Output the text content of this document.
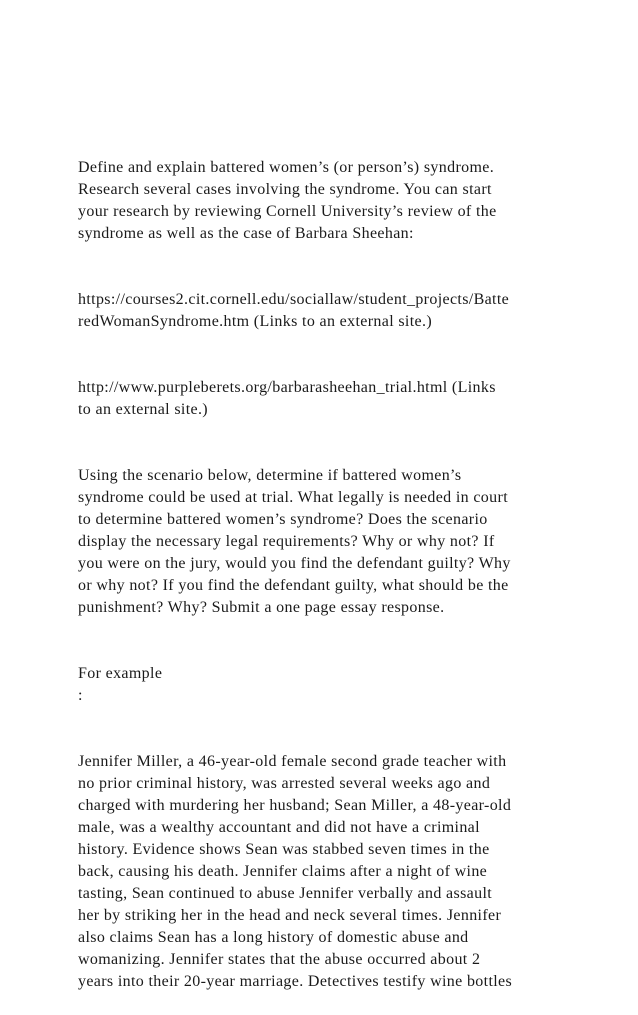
Define and explain battered women’s (or person’s) syndrome.
Research several cases involving the syndrome. You can start
your research by reviewing Cornell University’s review of the
syndrome as well as the case of Barbara Sheehan:

https://courses2.cit.cornell.edu/sociallaw/student_projects/Batte
redWomanSyndrome.htm (Links to an external site.)

http://www.purpleberets.org/barbarasheehan_trial.html (Links
to an external site.)

Using the scenario below, determine if battered women’s
syndrome could be used at trial. What legally is needed in court
to determine battered women’s syndrome? Does the scenario
display the necessary legal requirements? Why or why not? If
you were on the jury, would you find the defendant guilty? Why
or why not? If you find the defendant guilty, what should be the
punishment? Why? Submit a one page essay response.

For example
:

Jennifer Miller, a 46-year-old female second grade teacher with
no prior criminal history, was arrested several weeks ago and
charged with murdering her husband; Sean Miller, a 48-year-old
male, was a wealthy accountant and did not have a criminal
history. Evidence shows Sean was stabbed seven times in the
back, causing his death. Jennifer claims after a night of wine
tasting, Sean continued to abuse Jennifer verbally and assault
her by striking her in the head and neck several times. Jennifer
also claims Sean has a long history of domestic abuse and
womanizing. Jennifer states that the abuse occurred about 2
years into their 20-year marriage. Detectives testify wine bottles
